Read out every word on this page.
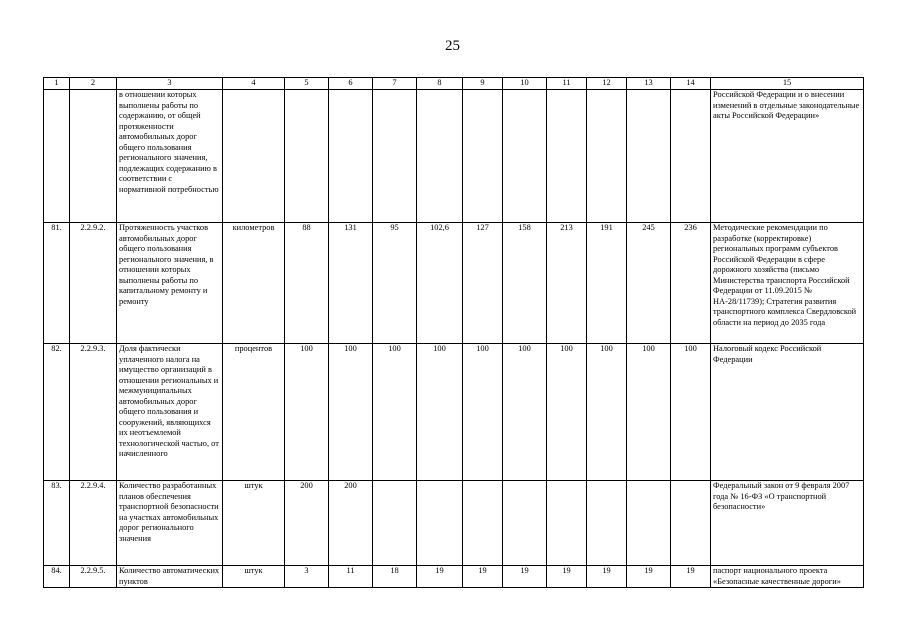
25
1	2	3	4	5	6	7	8	9	10	11	12	13	14	15
		в отношении которых выполнены работы по содержанию, от общей протяженности автомобильных дорог общего пользования регионального значения, подлежащих содержанию в соответствии с нормативной потребностью												Российской Федерации и о внесении изменений в отдельные законодательные акты Российской Федерации»
81.	2.2.9.2.	Протяженность участков автомобильных дорог общего пользования регионального значения, в отношении которых выполнены работы по капитальному ремонту и ремонту	километров	88	131	95	102,6	127	158	213	191	245	236	Методические рекомендации по разработке (корректировке) региональных программ субъектов Российской Федерации в сфере дорожного хозяйства (письмо Министерства транспорта Российской Федерации от 11.09.2015 № НА-28/11739); Стратегия развития транспортного комплекса Свердловской области на период до 2035 года
82.	2.2.9.3.	Доля фактически уплаченного налога на имущество организаций в отношении региональных и межмуниципальных автомобильных дорог общего пользования и сооружений, являющихся их неотъемлемой технологической частью, от начисленного	процентов	100	100	100	100	100	100	100	100	100	100	Налоговый кодекс Российской Федерации
83.	2.2.9.4.	Количество разработанных планов обеспечения транспортной безопасности на участках автомобильных дорог регионального значения	штук	200	200									Федеральный закон от 9 февраля 2007 года № 16-ФЗ «О транспортной безопасности»
84.	2.2.9.5.	Количество автоматических пунктов	штук	3	11	18	19	19	19	19	19	19	19	паспорт национального проекта «Безопасные качественные дороги»
